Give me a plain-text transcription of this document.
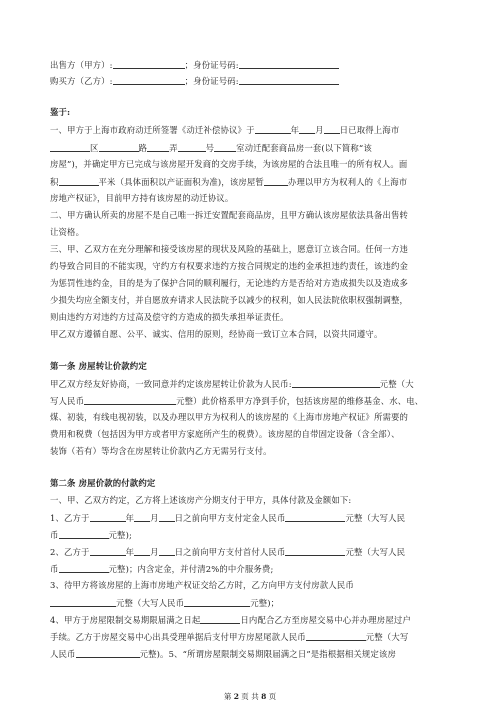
出售方（甲方）:	；身份证号码:
购买方（乙方）:	；身份证号码:
鉴于:
一、甲方于上海市政府动迁所签署《动迁补偿协议》于	年 月 日已取得上海市
区	路	弄	号	室动迁配套商品房一套(以下简称“该
房屋”)，并确定甲方已完成与该房屋开发商的交房手续，为该房屋的合法且唯一的所有权人。面
积	平米（具体面积以产证面积为准)，该房屋暂	办理以甲方为权利人的《上海市
房地产权证》，目前甲方持有该房屋的动迁协议。
二、甲方确认所卖的房屋不是自己唯一拆迁安置配套商品房，且甲方确认该房屋依法具备出售转
让资格。
三、甲、乙双方在充分理解和接受该房屋的现状及风险的基础上，愿意订立该合同。任何一方违
约导致合同目的不能实现，守约方有权要求违约方按合同规定的违约金承担违约责任，该违约金
为惩罚性违约金，目的是为了保护合同的顺利履行，无论违约方是否给对方造成损失以及造成多
少损失均应全额支付，并自愿放弃请求人民法院予以减少的权利，如人民法院依职权强制调整，
则由违约方对违约方过高及偿守约方造成的损失承担举证责任。
甲乙双方遵循自愿、公平、诚实、信用的原则，经协商一致订立本合同，以资共同遵守。
第一条 房屋转让价款约定
甲乙双方经友好协商，一致同意并约定该房屋转让价款为人民币:	元整（大
写人民币	元整）此价格系甲方净到手价，包括该房屋的维修基金、水、电、
煤、初装，有线电视初装，以及办理以甲方为权利人的该房屋的《上海市房地产权证》所需要的
费用和税费（包括因为甲方或者甲方家庭所产生的税费）。该房屋的自带固定设备（含全部）、
装饰（若有）等均含在房屋转让价款内乙方无需另行支付。
第二条 房屋价款的付款约定
一、甲、乙双方约定，乙方将上述该房产分期支付于甲方，具体付款及金额如下:
1、乙方于	年 月 日之前向甲方支付定金人民币	元整（大写人民
币	元整);
2、乙方于	年 月 日之前向甲方支付首付人民币	元整（大写人民
币	元整)；内含定金，并付清2%的中介服务费;
3、待甲方将该房屋的上海市房地产权证交给乙方时，乙方向甲方支付房款人民币
元整（大写人民币	元整)；
4、甲方于房屋限制交易期限届满之日起	日内配合乙方至房屋交易中心并办理房屋过户
手续。乙方于房屋交易中心出具受理单据后支付甲方房屋尾款人民币	元整（大写
人民币	元整)。5、“所谓房屋限制交易期限届满之日”是指根据相关规定该房
第 2 页 共 8 页
